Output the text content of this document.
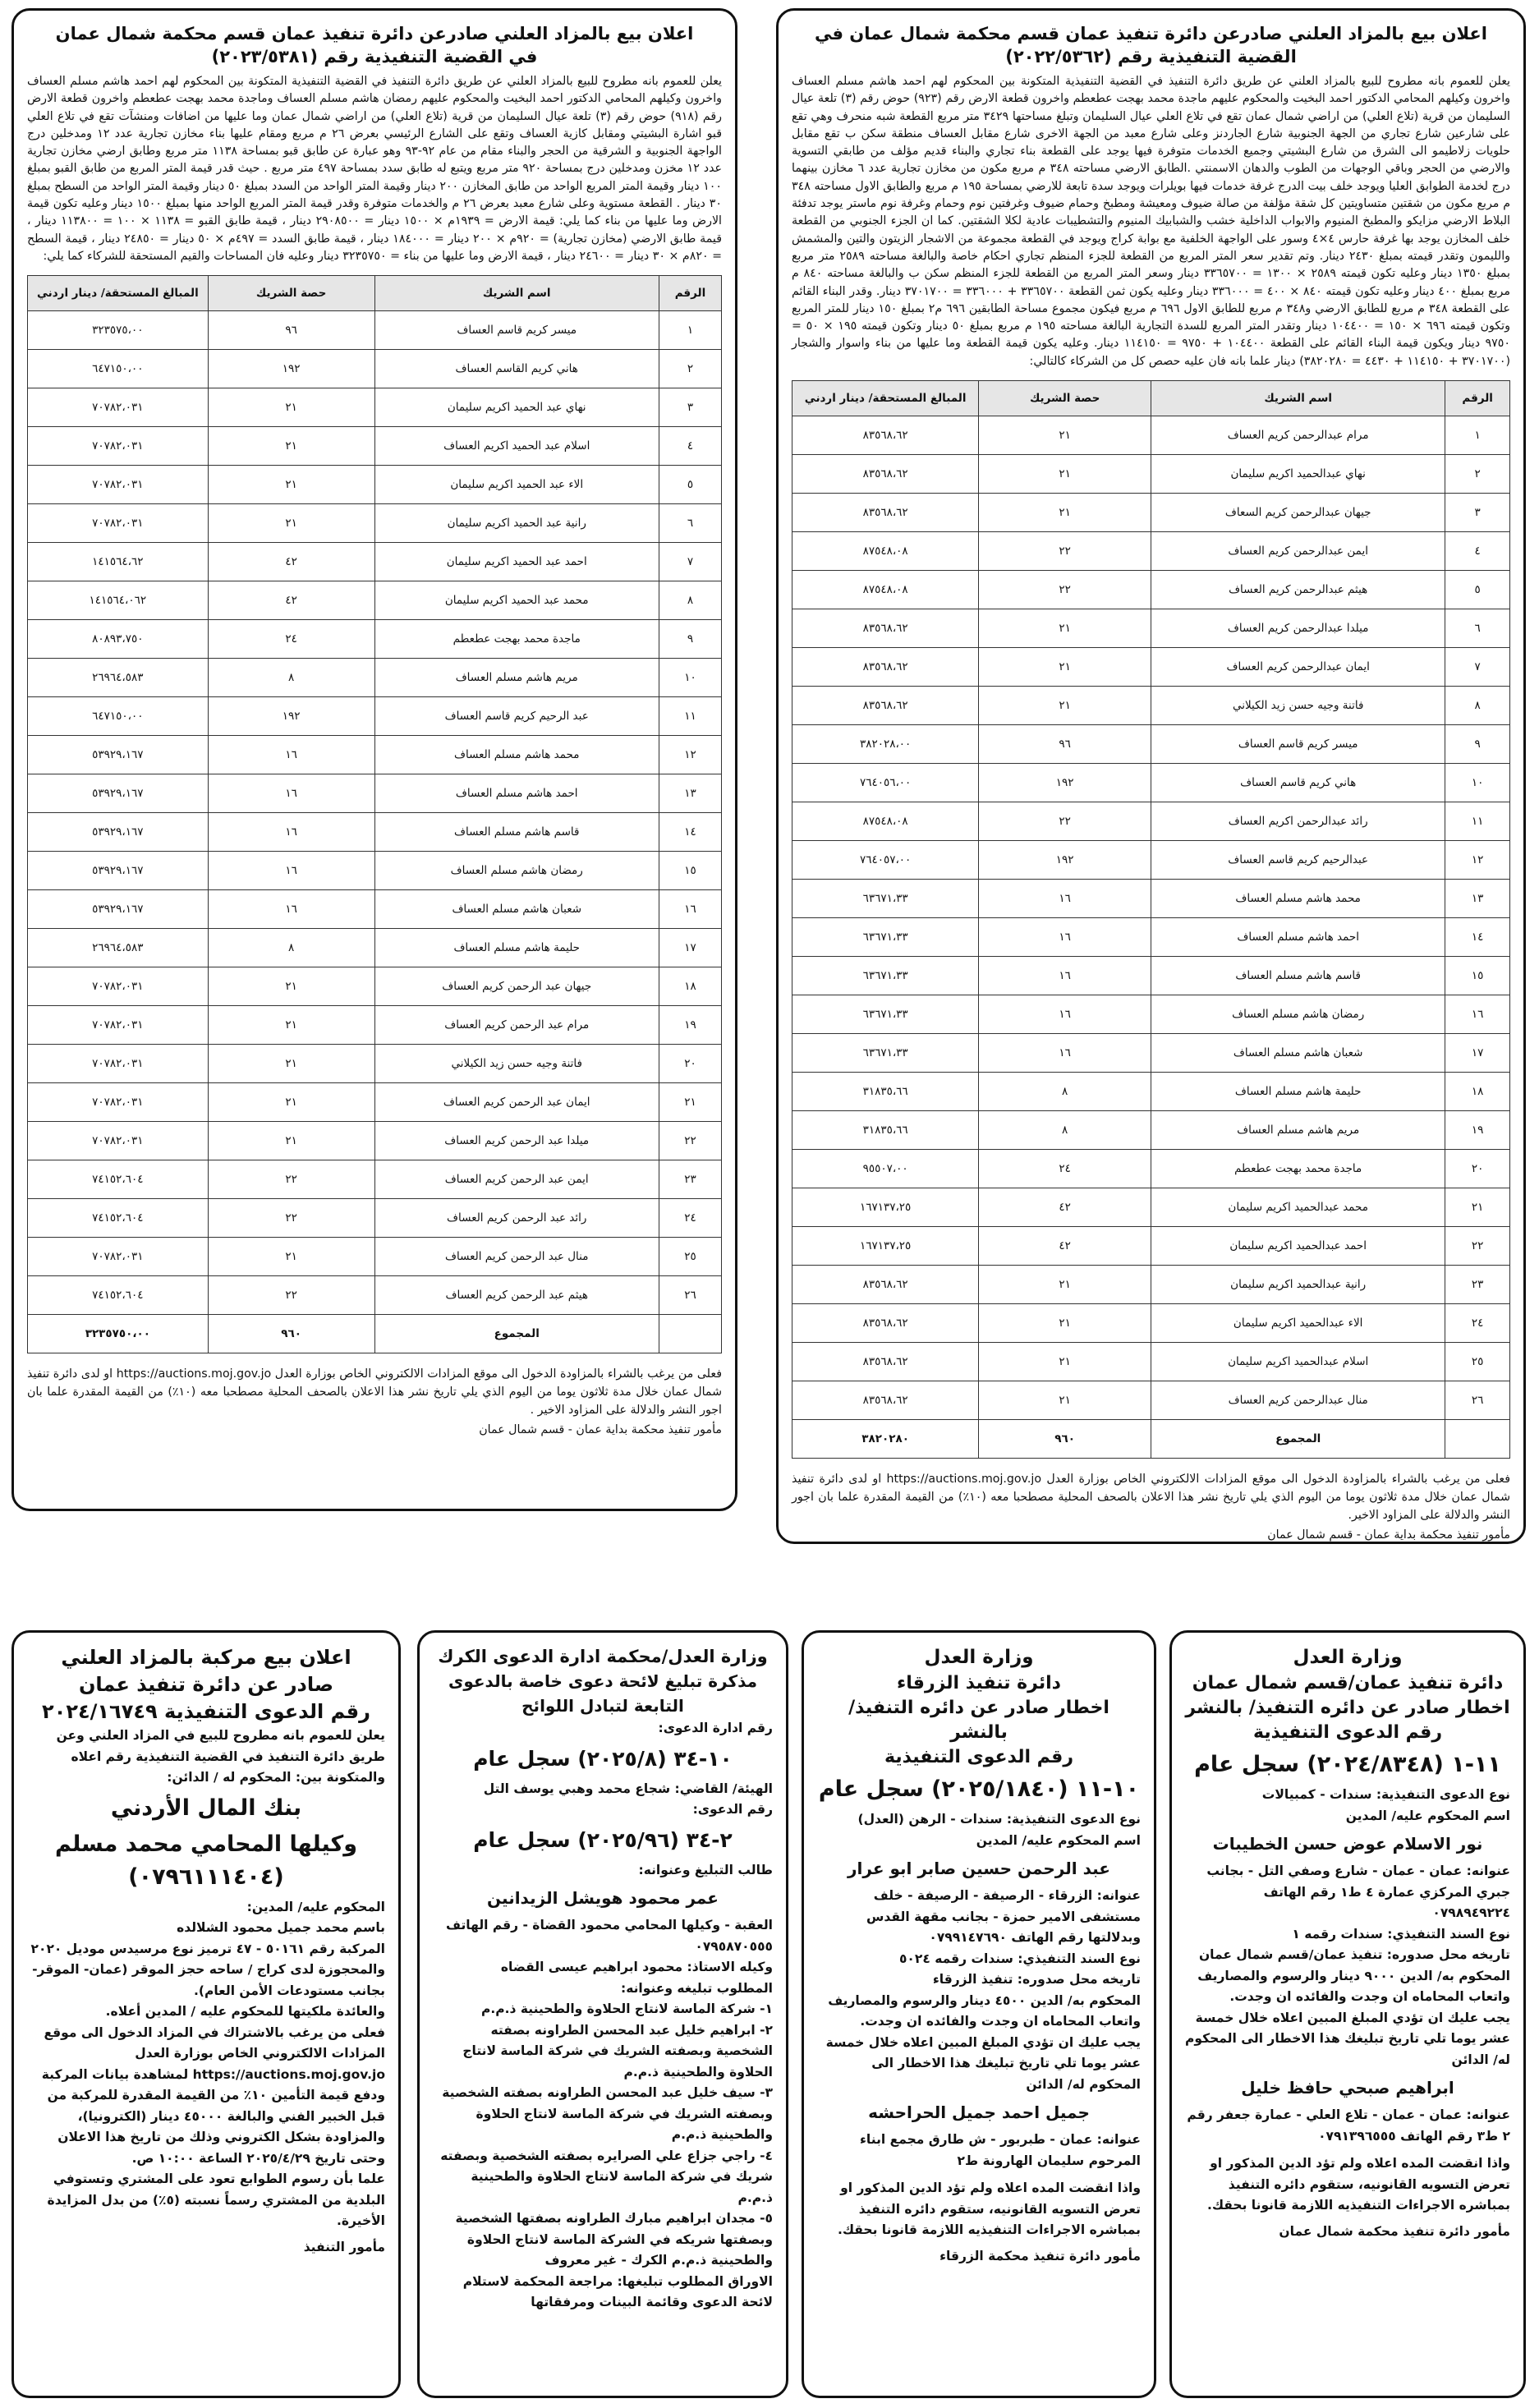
اعلان بيع بالمزاد العلني صادرعن دائرة تنفيذ عمان قسم محكمة شمال عمان في القضية التنفيذية رقم (٢٠٢٢/٥٣٦٢)
يعلن للعموم بانه مطروح للبيع بالمزاد العلني عن طريق دائرة التنفيذ في القضية التنفيذية المتكونة بين المحكوم لهم احمد هاشم مسلم العساف واخرون وكيلهم المحامي الدكتور احمد البخيت والمحكوم عليهم ماجدة محمد بهجت عطعطم واخرون قطعة الارض رقم (٩٢٣) حوض رقم (٣) تلعة عيال السليمان من قرية (تلاع العلي) من اراضي شمال عمان تقع في تلاع العلي عيال السليمان وتبلغ مساحتها ٣٤٢٩ متر مربع القطعة شبه منحرف وهي تقع على شارعين شارع تجاري من الجهة الجنوبية شارع الجاردنز وعلى شارع معبد من الجهة الاخرى شارع مقابل العساف منطقة سكن ب تقع مقابل حلويات زلاطيمو الى الشرق من شارع البشيتي وجميع الخدمات متوفرة فيها يوجد على القطعة بناء تجاري والبناء قديم مؤلف من طابقي التسوية والارضي من الحجر وباقي الوجهات من الطوب والدهان الاسمنتي .الطابق الارضي مساحته ٣٤٨ م مربع مكون من مخازن تجارية عدد ٦ مخازن بينهما درج لخدمة الطوابق العليا ويوجد خلف بيت الدرج غرفة خدمات فيها بويلرات ويوجد سدة تابعة للارضي بمساحة ١٩٥ م مربع والطابق الاول مساحته ٣٤٨ م مربع مكون من شقتين متساويتين كل شقة مؤلفة من صالة ضيوف ومعيشة ومطبخ وحمام ضيوف وغرفتين نوم وحمام وغرفة نوم ماستر يوجد تدفئة البلاط الارضي مزايكو والمطبخ المنيوم والابواب الداخلية خشب والشبابيك المنيوم والتشطيبات عادية لكلا الشقتين. كما ان الجزء الجنوبي من القطعة خلف المخازن يوجد بها غرفة حارس ٤×٤ وسور على الواجهة الخلفية مع بوابة كراج ويوجد في القطعة مجموعة من الاشجار الزيتون والتين والمشمش والليمون وتقدر قيمته بمبلغ ٢٤٣٠ دينار. وتم تقدير سعر المتر المربع من القطعة للجزء المنظم تجاري احكام خاصة والبالغة مساحته ٢٥٨٩ متر مربع بمبلغ ١٣٥٠ دينار وعليه تكون قيمته ٢٥٨٩ × ١٣٠٠ = ٣٣٦٥٧٠٠ دينار وسعر المتر المربع من القطعة للجزء المنظم سكن ب والبالغة مساحته ٨٤٠ م مربع بمبلغ ٤٠٠ دينار وعليه تكون قيمته ٨٤٠ × ٤٠٠ = ٣٣٦٠٠٠ دينار وعليه يكون ثمن القطعة ٣٣٦٥٧٠٠ + ٣٣٦٠٠٠ = ٣٧٠١٧٠٠ دينار. وقدر البناء القائم على القطعة ٣٤٨ م مربع للطابق الارضي و٣٤٨ م مربع للطابق الاول ٦٩٦ م مربع فيكون مجموع مساحة الطابقين ٦٩٦ م٢ بمبلغ ١٥٠ دينار للمتر المربع وتكون قيمته ٦٩٦ × ١٥٠ = ١٠٤٤٠٠ دينار وتقدر المتر المربع للسدة التجارية البالغة مساحته ١٩٥ م مربع بمبلغ ٥٠ دينار وتكون قيمته ١٩٥ × ٥٠ = ٩٧٥٠ دينار ويكون قيمة البناء القائم على القطعة ١٠٤٤٠٠ + ٩٧٥٠ = ١١٤١٥٠ دينار. وعليه يكون قيمة القطعة وما عليها من بناء واسوار والشجار (٣٧٠١٧٠٠ + ١١٤١٥٠ + ٤٤٣٠ = ٣٨٢٠٢٨٠) دينار علما بانه فان عليه حصص كل من الشركاء كالتالي:
الرقم	اسم الشريك	حصة الشريك	المبالغ المستحقة/ دينار اردني
١	مرام عبدالرحمن كريم العساف	٢١	٨٣٥٦٨،٦٢
٢	نهاي عبدالحميد اكريم سليمان	٢١	٨٣٥٦٨،٦٢
٣	جيهان عبدالرحمن كريم السعاف	٢١	٨٣٥٦٨،٦٢
٤	ايمن عبدالرحمن كريم العساف	٢٢	٨٧٥٤٨،٠٨
٥	هيثم عبدالرحمن كريم العساف	٢٢	٨٧٥٤٨،٠٨
٦	ميلدا عبدالرحمن كريم العساف	٢١	٨٣٥٦٨،٦٢
٧	ايمان عبدالرحمن كريم العساف	٢١	٨٣٥٦٨،٦٢
٨	فاتنة وجيه حسن زيد الكيلاني	٢١	٨٣٥٦٨،٦٢
٩	ميسر كريم قاسم العساف	٩٦	٣٨٢٠٢٨،٠٠
١٠	هاني كريم قاسم العساف	١٩٢	٧٦٤٠٥٦،٠٠
١١	رائد عبدالرحمن اكريم العساف	٢٢	٨٧٥٤٨،٠٨
١٢	عبدالرحيم كريم قاسم العساف	١٩٢	٧٦٤٠٥٧،٠٠
١٣	محمد هاشم مسلم العساف	١٦	٦٣٦٧١،٣٣
١٤	احمد هاشم مسلم العساف	١٦	٦٣٦٧١،٣٣
١٥	قاسم هاشم مسلم العساف	١٦	٦٣٦٧١،٣٣
١٦	رمضان هاشم مسلم العساف	١٦	٦٣٦٧١،٣٣
١٧	شعبان هاشم مسلم العساف	١٦	٦٣٦٧١،٣٣
١٨	حليمة هاشم مسلم العساف	٨	٣١٨٣٥،٦٦
١٩	مريم هاشم مسلم العساف	٨	٣١٨٣٥،٦٦
٢٠	ماجدة محمد بهجت عطعطم	٢٤	٩٥٥٠٧،٠٠
٢١	محمد عبدالحميد اكريم سليمان	٤٢	١٦٧١٣٧،٢٥
٢٢	احمد عبدالحميد اكريم سليمان	٤٢	١٦٧١٣٧،٢٥
٢٣	رانية عبدالحميد اكريم سليمان	٢١	٨٣٥٦٨،٦٢
٢٤	الاء عبدالحميد اكريم سليمان	٢١	٨٣٥٦٨،٦٢
٢٥	اسلام عبدالحميد اكريم سليمان	٢١	٨٣٥٦٨،٦٢
٢٦	منال عبدالرحمن كريم العساف	٢١	٨٣٥٦٨،٦٢
	المجموع	٩٦٠	٣٨٢٠٢٨٠
فعلى من يرغب بالشراء بالمزاودة الدخول الى موقع المزادات الالكتروني الخاص بوزارة العدل https://auctions.moj.gov.jo او لدى دائرة تنفيذ شمال عمان خلال مدة ثلاثون يوما من اليوم الذي يلي تاريخ نشر هذا الاعلان بالصحف المحلية مصطحبا معه (١٠٪) من القيمة المقدرة علما بان اجور النشر والدلالة على المزاود الاخير.
مأمور تنفيذ محكمة بداية عمان - قسم شمال عمان
اعلان بيع بالمزاد العلني صادرعن دائرة تنفيذ عمان قسم محكمة شمال عمان
في القضية التنفيذية رقم (٢٠٢٣/٥٣٨١)
يعلن للعموم بانه مطروح للبيع بالمزاد العلني عن طريق دائرة التنفيذ في القضية التنفيذية المتكونة بين المحكوم لهم احمد هاشم مسلم العساف واخرون وكيلهم المحامي الدكتور احمد البخيت والمحكوم عليهم رمضان هاشم مسلم العساف وماجدة محمد بهجت عطعطم واخرون قطعة الارض رقم (٩١٨) حوض رقم (٣) تلعة عيال السليمان من قرية (تلاع العلي) من اراضي شمال عمان وما عليها من اضافات ومنشآت تقع في تلاع العلي قبو اشارة البشيتي ومقابل كازية العساف وتقع على الشارع الرئيسي بعرض ٢٦ م مربع ومقام عليها بناء مخازن تجارية عدد ١٢ ومدخلين درج الواجهة الجنوبية و الشرقية من الحجر والبناء مقام من عام ٩٢-٩٣ وهو عبارة عن طابق قبو بمساحة ١١٣٨ متر مربع وطابق ارضي مخازن تجارية عدد ١٢ مخزن ومدخلين درج بمساحة ٩٢٠ متر مربع ويتبع له طابق سدد بمساحة ٤٩٧ متر مربع . حيث قدر قيمة المتر المربع من طابق القبو بمبلغ ١٠٠ دينار وقيمة المتر المربع الواحد من طابق المخازن ٢٠٠ دينار وقيمة المتر الواحد من السدد بمبلغ ٥٠ دينار وقيمة المتر الواحد من السطح بمبلغ ٣٠ دينار . القطعة مستوية وعلى شارع معبد بعرض ٢٦ م والخدمات متوفرة وقدر قيمة المتر المربع الواحد منها بمبلغ ١٥٠٠ دينار وعليه تكون قيمة الارض وما عليها من بناء كما يلي: قيمة الارض = ١٩٣٩م × ١٥٠٠ دينار = ٢٩٠٨٥٠٠ دينار ، قيمة طابق القبو = ١١٣٨ × ١٠٠ = ١١٣٨٠٠ دينار ، قيمة طابق الارضي (مخازن تجارية) = ٩٢٠م × ٢٠٠ دينار = ١٨٤٠٠٠ دينار ، قيمة طابق السدد = ٤٩٧م × ٥٠ دينار = ٢٤٨٥٠ دينار ، قيمة السطح = ٨٢٠م × ٣٠ دينار = ٢٤٦٠٠ دينار ، قيمة الارض وما عليها من بناء = ٣٢٣٥٧٥٠ دينار وعليه فان المساحات والقيم المستحقة للشركاء كما يلي:
الرقم	اسم الشريك	حصة الشريك	المبالغ المستحقة/ دينار اردني
١	ميسر كريم قاسم العساف	٩٦	٣٢٣٥٧٥،٠٠
٢	هاني كريم القاسم العساف	١٩٢	٦٤٧١٥٠،٠٠
٣	نهاي عبد الحميد اكريم سليمان	٢١	٧٠٧٨٢،٠٣١
٤	اسلام عبد الحميد اكريم العساف	٢١	٧٠٧٨٢،٠٣١
٥	الاء عبد الحميد اكريم سليمان	٢١	٧٠٧٨٢،٠٣١
٦	رانية عبد الحميد اكريم سليمان	٢١	٧٠٧٨٢،٠٣١
٧	احمد عبد الحميد اكريم سليمان	٤٢	١٤١٥٦٤،٦٢
٨	محمد عبد الحميد اكريم سليمان	٤٢	١٤١٥٦٤،٠٦٢
٩	ماجدة محمد بهجت عطعطم	٢٤	٨٠٨٩٣،٧٥٠
١٠	مريم هاشم مسلم العساف	٨	٢٦٩٦٤،٥٨٣
١١	عبد الرحيم كريم قاسم العساف	١٩٢	٦٤٧١٥٠،٠٠
١٢	محمد هاشم مسلم العساف	١٦	٥٣٩٢٩،١٦٧
١٣	احمد هاشم مسلم العساف	١٦	٥٣٩٢٩،١٦٧
١٤	قاسم هاشم مسلم العساف	١٦	٥٣٩٢٩،١٦٧
١٥	رمضان هاشم مسلم العساف	١٦	٥٣٩٢٩،١٦٧
١٦	شعبان هاشم مسلم العساف	١٦	٥٣٩٢٩،١٦٧
١٧	حليمة هاشم مسلم العساف	٨	٢٦٩٦٤،٥٨٣
١٨	جيهان عبد الرحمن كريم العساف	٢١	٧٠٧٨٢،٠٣١
١٩	مرام عبد الرحمن كريم العساف	٢١	٧٠٧٨٢،٠٣١
٢٠	فاتنة وجيه حسن زيد الكيلاني	٢١	٧٠٧٨٢،٠٣١
٢١	ايمان عبد الرحمن كريم العساف	٢١	٧٠٧٨٢،٠٣١
٢٢	ميلدا عبد الرحمن كريم العساف	٢١	٧٠٧٨٢،٠٣١
٢٣	ايمن عبد الرحمن كريم العساف	٢٢	٧٤١٥٢،٦٠٤
٢٤	رائد عبد الرحمن كريم العساف	٢٢	٧٤١٥٢،٦٠٤
٢٥	منال عبد الرحمن كريم العساف	٢١	٧٠٧٨٢،٠٣١
٢٦	هيثم عبد الرحمن كريم العساف	٢٢	٧٤١٥٢،٦٠٤
	المجموع	٩٦٠	٣٢٣٥٧٥٠،٠٠
فعلى من يرغب بالشراء بالمزاودة الدخول الى موقع المزادات الالكتروني الخاص بوزارة العدل https://auctions.moj.gov.jo او لدى دائرة تنفيذ شمال عمان خلال مدة ثلاثون يوما من اليوم الذي يلي تاريخ نشر هذا الاعلان بالصحف المحلية مصطحبا معه (١٠٪) من القيمة المقدرة علما بان اجور النشر والدلالة على المزاود الاخير .
مأمور تنفيذ محكمة بداية عمان - قسم شمال عمان
وزارة العدل
دائرة تنفيذ عمان/قسم شمال عمان
اخطار صادر عن دائره التنفيذ/ بالنشر
رقم الدعوى التنفيذية
١١-١ (٢٠٢٤/٨٣٤٨) سجل عام
نوع الدعوى التنفيذية: سندات - كمبيالات
اسم المحكوم عليه/ المدين
نور الاسلام عوض حسن الخطيبات
عنوانه: عمان - عمان - شارع وصفي التل - بجانب جبري المركزي عمارة ٤ ط١ رقم الهاتف ٠٧٩٨٩٤٩٢٢٤
نوع السند التنفيذي: سندات رقمه ١
تاريخه محل صدوره: تنفيذ عمان/قسم شمال عمان
المحكوم به/ الدين ٩٠٠٠ دينار والرسوم والمصاريف واتعاب المحاماه ان وجدت والفائده ان وجدت.
يجب عليك ان تؤدي المبلغ المبين اعلاه خلال خمسة عشر يوما تلي تاريخ تبليغك هذا الاخطار الى المحكوم له/ الدائن
ابراهيم صبحي حافظ خليل
عنوانه: عمان - عمان - تلاع العلي - عمارة جعفر رقم ٢ ط٣ رقم الهاتف ٠٧٩١٣٩٦٥٥٥
واذا انقضت المده اعلاه ولم تؤد الدين المذكور او تعرض التسويه القانونيه، ستقوم دائره التنفيذ بمباشره الاجراءات التنفيذيه اللازمة قانونا بحقك.
مأمور دائرة تنفيذ محكمة شمال عمان
وزارة العدل
دائرة تنفيذ الزرقاء
اخطار صادر عن دائره التنفيذ/ بالنشر
رقم الدعوى التنفيذية
١٠-١١ (٢٠٢٥/١٨٤٠) سجل عام
نوع الدعوى التنفيذية: سندات - الرهن (العدل)
اسم المحكوم عليه/ المدين
عبد الرحمن حسين صابر ابو عرار
عنوانه: الزرقاء - الرصيفة - الرصيفة - خلف مستشفى الامير حمزة - بجانب مقهة القدس وبدلالتها رقم الهاتف ٠٧٩٩١٤٧٦٩٠
نوع السند التنفيذي: سندات رقمه ٥٠٢٤
تاريخه محل صدوره: تنفيذ الزرقاء
المحكوم به/ الدين ٤٥٠٠ دينار والرسوم والمصاريف واتعاب المحاماه ان وجدت والفائده ان وجدت.
يجب عليك ان تؤدي المبلغ المبين اعلاه خلال خمسة عشر يوما تلي تاريخ تبليغك هذا الاخطار الى المحكوم له/ الدائن
جميل احمد جميل الحراحشه
عنوانه: عمان - طبربور - ش طارق مجمع ابناء المرحوم سليمان الهارونة ط٢
واذا انقضت المده اعلاه ولم تؤد الدين المذكور او تعرض التسويه القانونيه، ستقوم دائره التنفيذ بمباشره الاجراءات التنفيذيه اللازمة قانونا بحقك.
مأمور دائرة تنفيذ محكمة الزرقاء
وزارة العدل/محكمة ادارة الدعوى الكرك
مذكرة تبليغ لائحة دعوى خاصة بالدعوى
التابعة لتبادل اللوائح
رقم ادارة الدعوى:
١٠-٣٤ (٢٠٢٥/٨) سجل عام
الهيئة/ القاضي: شجاع محمد وهبي يوسف التل
رقم الدعوى:
٢-٣٤ (٢٠٢٥/٩٦) سجل عام
طالب التبليغ وعنوانه:
عمر محمود هويشل الزيدانين
العقبة - وكيلها المحامي محمود القضاة - رقم الهاتف ٠٧٩٥٨٧٠٥٥٥
وكيله الاستاذ: محمود ابراهيم عيسى القضاه
المطلوب تبليغه وعنوانه:
١- شركة الماسة لانتاج الحلاوة والطحينية ذ.م.م
٢- ابراهيم خليل عبد المحسن الطراونه بصفته الشخصية وبصفته الشريك في شركة الماسة لانتاج الحلاوة والطحينية ذ.م.م
٣- سيف خليل عبد المحسن الطراونه بصفته الشخصية وبصفته الشريك في شركة الماسة لانتاج الحلاوة والطحينية ذ.م.م
٤- راجي جزاع علي الصرايره بصفته الشخصية وبصفته شريك في شركة الماسة لانتاج الحلاوة والطحينية ذ.م.م
٥- مجدان ابراهيم مبارك الطراونه بصفتها الشخصية وبصفتها شريكه في الشركة الماسة لانتاج الحلاوة والطحينية ذ.م.م الكرك - غير معروف
الاوراق المطلوب تبليغها: مراجعة المحكمة لاستلام لائحة الدعوى وقائمة البينات ومرفقاتها
اعلان بيع مركبة بالمزاد العلني
صادر عن دائرة تنفيذ عمان
رقم الدعوى التنفيذية ٢٠٢٤/١٦٧٤٩
يعلن للعموم بانه مطروح للبيع في المزاد العلني وعن طريق دائرة التنفيذ في القضية التنفيذية رقم اعلاه والمتكونة بين: المحكوم له / الدائن:
بنك المال الأردني
وكيلها المحامي محمد مسلم
(٠٧٩٦١١١٤٠٤)
المحكوم عليه/ المدين:
باسم محمد جميل محمود الشلالده
المركبة رقم ٥٠١٦١ - ٤٧ ترميز نوع مرسيدس موديل ٢٠٢٠
والمحجوزة لدى كراج / ساحه حجز الموقر (عمان- الموقر- بجانب مستودعات الأمن العام).
والعائدة ملكيتها للمحكوم عليه / المدين أعلاه.
فعلى من يرغب بالاشتراك في المزاد الدخول الى موقع المزادات الالكتروني الخاص بوزارة العدل https://auctions.moj.gov.jo لمشاهدة بيانات المركبة ودفع قيمة التأمين ١٠٪ من القيمة المقدرة للمركبة من قبل الخبير الفني والبالغة ٤٥٠٠٠ دينار (الكترونيا)، والمزاودة بشكل الكتروني وذلك من تاريخ هذا الاعلان وحتى تاريخ ٢٠٢٥/٤/٢٩ الساعة ١٠:٠٠ ص.
علما بأن رسوم الطوابع تعود على المشتري وتستوفي البلدية من المشتري رسماً نسبته (٥٪) من بدل المزايدة الأخيرة.
مأمور التنفيذ
